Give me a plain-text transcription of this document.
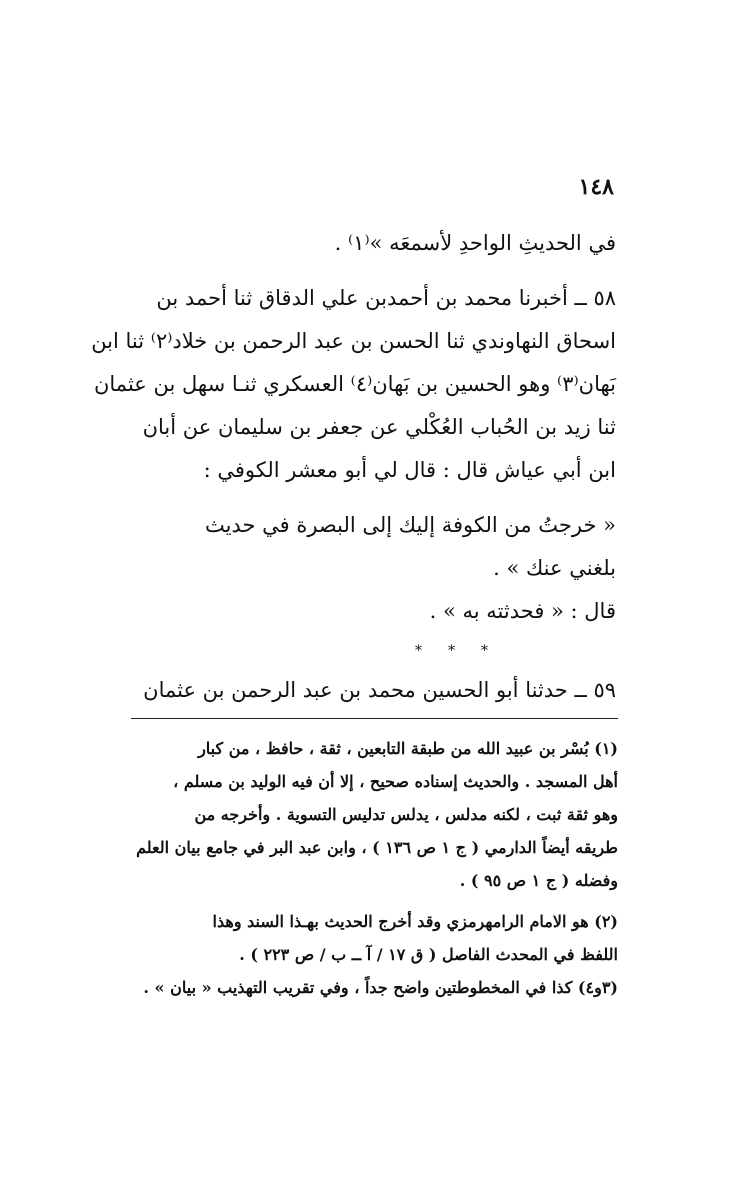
١٤٨
في الحديثِ الواحدِ لأسمعَه »⁽١⁾ .
٥٨ ــ أخبرنا محمد بن أحمدبن علي الدقاق ثنا أحمد بن
اسحاق النهاوندي ثنا الحسن بن عبد الرحمن بن خلاد⁽٢⁾ ثنا ابن
بَهان⁽٣⁾ وهو الحسين بن بَهان⁽٤⁾ العسكري ثنـا سهل بن عثمان
ثنا زيد بن الحُباب العُكْلي عن جعفر بن سليمان عن أبان
ابن أبي عياش قال : قال لي أبو معشر الكوفي :
« خرجتُ من الكوفة إليك إلى البصرة في حديث
بلغني عنك » .
قال : « فحدثته به » .
* * *
٥٩ ــ حدثنا أبو الحسين محمد بن عبد الرحمن بن عثمان
(١) بُسْر بن عبيد الله من طبقة التابعين ، ثقة ، حافظ ، من كبار
أهل المسجد . والحديث إسناده صحيح ، إلا أن فيه الوليد بن مسلم ،
وهو ثقة ثبت ، لكنه مدلس ، يدلس تدليس التسوية . وأخرجه من
طريقه أيضاً الدارمي ( ج ١ ص ١٣٦ ) ، وابن عبد البر في جامع بيان العلم
وفضله ( ج ١ ص ٩٥ ) .
(٢) هو الامام الرامهرمزي وقد أخرج الحديث بهـذا السند وهذا
اللفظ في المحدث الفاصل ( ق ١٧ / آ ــ ب / ص ٢٢٣ ) .
(٣و٤) كذا في المخطوطتين واضح جداً ، وفي تقريب التهذيب « بيان » .
